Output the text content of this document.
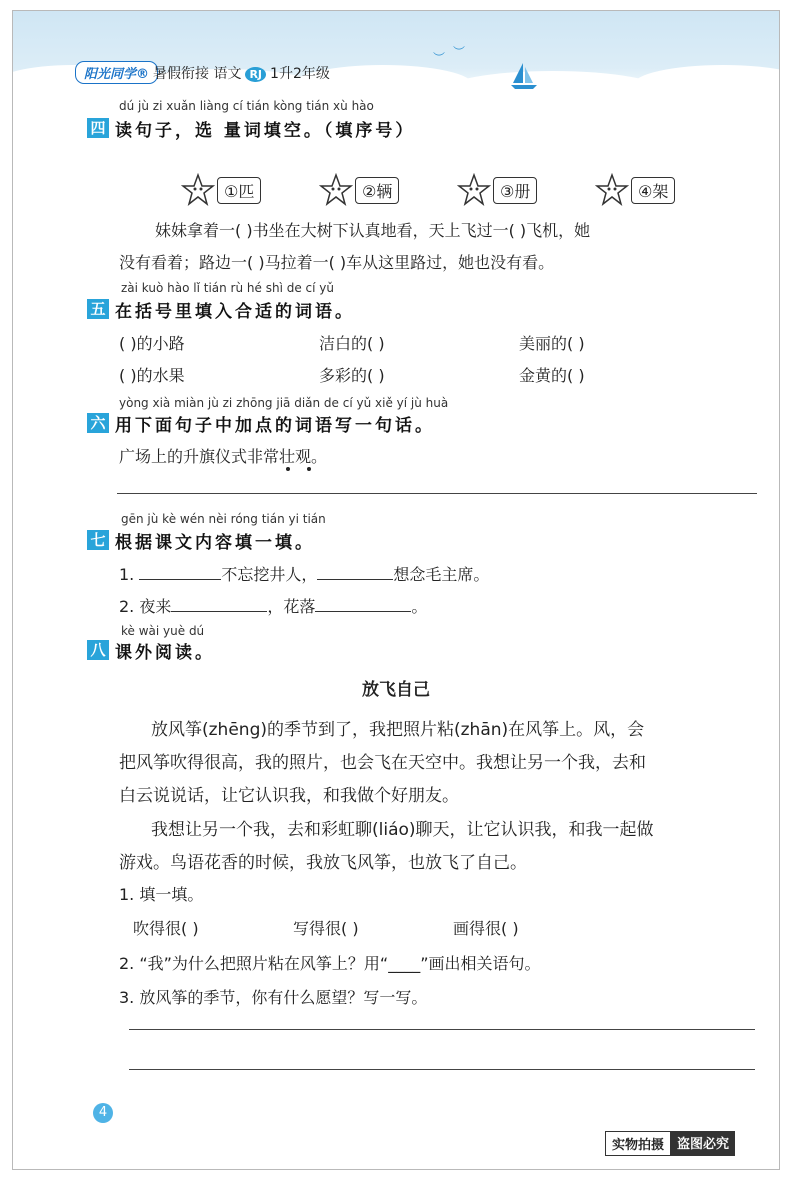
︶ ︶
阳光同学® 暑假衔接 语文 RJ 1升2年级
dú jù zi xuǎn liàng cí tián kòng tián xù hào
四 读句子，选 量词填空。（填序号）
①匹	②辆	③册	④架
妹妹拿着一( )书坐在大树下认真地看，天上飞过一( )飞机，她
没有看着；路边一( )马拉着一( )车从这里路过，她也没有看。
zài kuò hào lǐ tián rù hé shì de cí yǔ
五 在括号里填入合适的词语。
( )的小路	洁白的( )	美丽的( )
( )的水果	多彩的( )	金黄的( )
yòng xià miàn jù zi zhōng jiā diǎn de cí yǔ xiě yí jù huà
六 用下面句子中加点的词语写一句话。
广场上的升旗仪式非常壮观。
gēn jù kè wén nèi róng tián yi tián
七 根据课文内容填一填。
1.	不忘挖井人，	想念毛主席。
2. 夜来	，花落	。
kè wài yuè dú
八 课外阅读。
放飞自己
放风筝(zhēng)的季节到了，我把照片粘(zhān)在风筝上。风，会
把风筝吹得很高，我的照片，也会飞在天空中。我想让另一个我，去和
白云说说话，让它认识我，和我做个好朋友。
我想让另一个我，去和彩虹聊(liáo)聊天，让它认识我，和我一起做
游戏。鸟语花香的时候，我放飞风筝，也放飞了自己。
1. 填一填。
吹得很( )	写得很( )	画得很( )
2. “我”为什么把照片粘在风筝上？用“____”画出相关语句。
3. 放风筝的季节，你有什么愿望？写一写。
4
实物拍摄	盗图必究
